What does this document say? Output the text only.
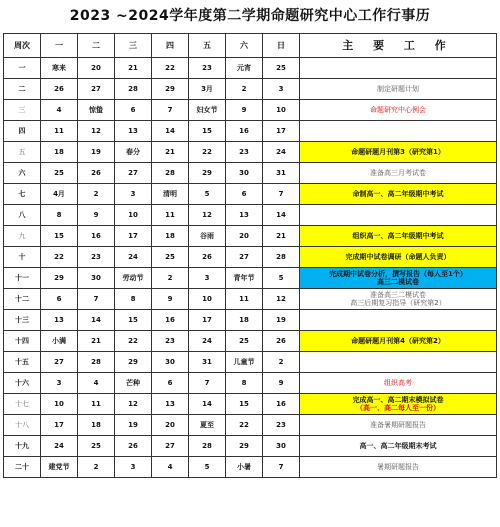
2023 ~2024学年度第二学期命题研究中心工作行事历
周次	一	二	三	四	五	六	日	主 要 工 作
一	寒来	20	21	22	23	元宵	25	
二	26	27	28	29	3月	2	3	制定研题计划

三	4	惊蛰	6	7	妇女节	9	10	命题研究中心例会

四	11	12	13	14	15	16	17	
五	18	19	春分	21	22	23	24	命题研题月刊第3（研究第1）

六	25	26	27	28	29	30	31	准备高三月考试卷

七	4月	2	3	清明	5	6	7	命制高一、高二年级期中考试

八	8	9	10	11	12	13	14	
九	15	16	17	18	谷雨	20	21	组织高一、高二年级期中考试

十	22	23	24	25	26	27	28	完成期中试卷调研（命题人负责）

十一	29	30	劳动节	2	3	青年节	5	完成期中试卷分析，撰写报告（每人至1个）
高三二模试卷

十二	6	7	8	9	10	11	12	准备高三二模试卷
高三后期复习指导（研究第2）

十三	13	14	15	16	17	18	19	
十四	小满	21	22	23	24	25	26	命题研题月刊第4（研究第2）

十五	27	28	29	30	31	儿童节	2	
十六	3	4	芒种	6	7	8	9	组织高考

十七	10	11	12	13	14	15	16	完成高一、高二期末模拟试卷
（高一、高二每人至一份）

十八	17	18	19	20	夏至	22	23	准备暑期研题报告

十九	24	25	26	27	28	29	30	高一、高二年级期末考试

二十	建党节	2	3	4	5	小暑	7	暑期研题报告
